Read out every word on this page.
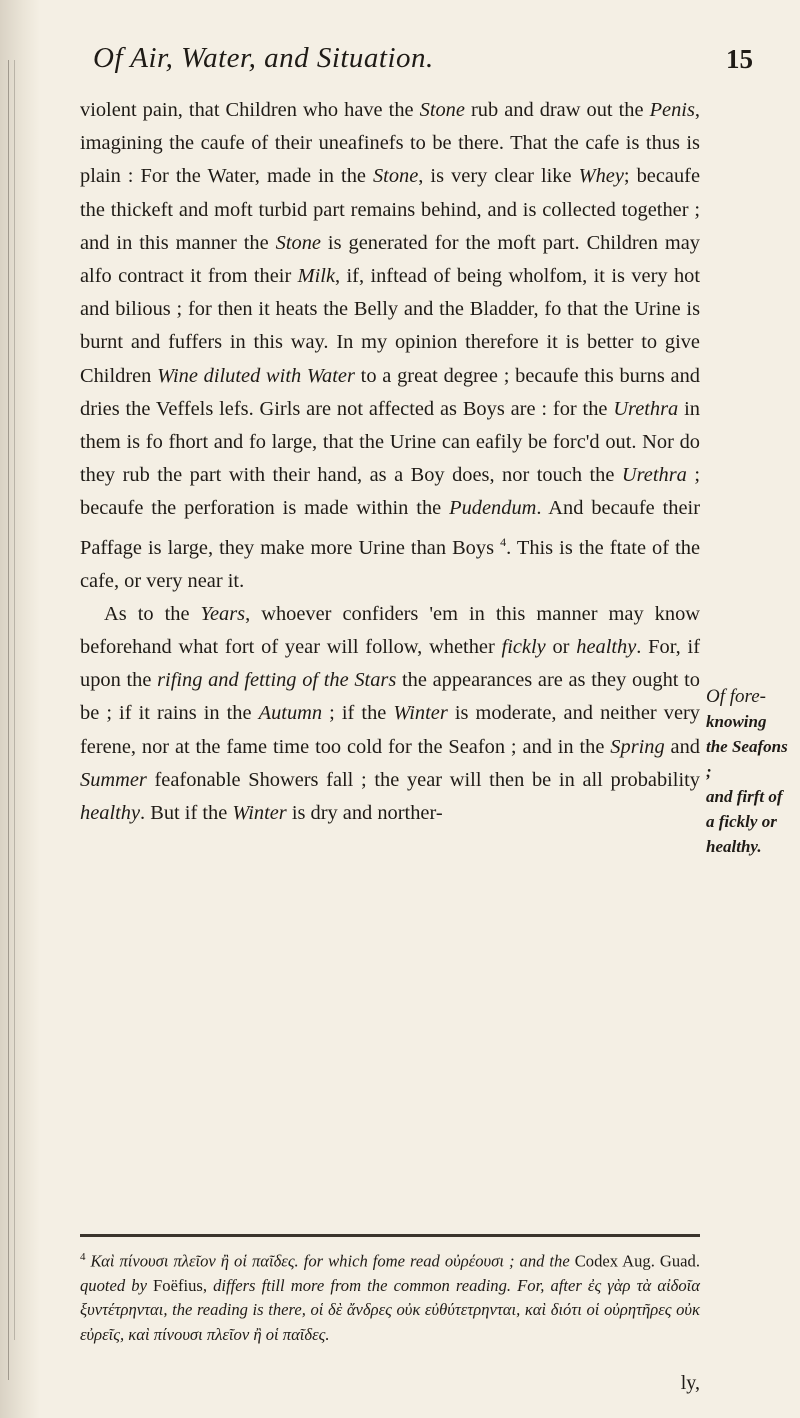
Of Air, Water, and Situation.	15

violent pain, that Children who have the Stone rub and draw out the Penis, imagining the caufe of their uneafinefs to be there. That the cafe is thus is plain : For the Water, made in the Stone, is very clear like Whey; becaufe the thickeft and moft turbid part remains behind, and is collected together ; and in this manner the Stone is generated for the moft part. Children may alfo contract it from their Milk, if, inftead of being wholfom, it is very hot and bilious ; for then it heats the Belly and the Bladder, fo that the Urine is burnt and fuffers in this way. In my opinion therefore it is better to give Children Wine diluted with Water to a great degree ; becaufe this burns and dries the Veffels lefs. Girls are not affected as Boys are : for the Urethra in them is fo fhort and fo large, that the Urine can eafily be forc'd out. Nor do they rub the part with their hand, as a Boy does, nor touch the Urethra ; becaufe the perforation is made within the Pudendum. And becaufe their Paffage is large, they make more Urine than Boys $^4$. This is the ftate of the cafe, or very near it.

As to the Years, whoever confiders 'em in this manner may know beforehand what fort of year will follow, whether fickly or healthy. For, if upon the rifing and fetting of the Stars the appearances are as they ought to be ; if it rains in the Autumn ; if the Winter is moderate, and neither very ferene, nor at the fame time too cold for the Seafon ; and in the Spring and Summer feafonable Showers fall ; the year will then be in all probability healthy. But if the Winter is dry and norther-

Of fore-
knowing
the Seafons ;
and firft of
a fickly or
healthy.
$^4$ Καὶ πίνουσι πλεῖον ἢ οἱ παῖδες. for which fome read οὐρέουσι ; and the Codex Aug. Guad. quoted by Foëfius, differs ftill more from the common reading. For, after ἐς γὰρ τὰ αἰδοῖα ξυντέτρηνται, the reading is there, οἱ δὲ ἄνδρες οὐκ εὐθύτετρηνται, καὶ διότι οἱ οὐρητῆρες οὐκ εὐρεῖς, καὶ πίνουσι πλεῖον ἢ οἱ παῖδες.
ly,
